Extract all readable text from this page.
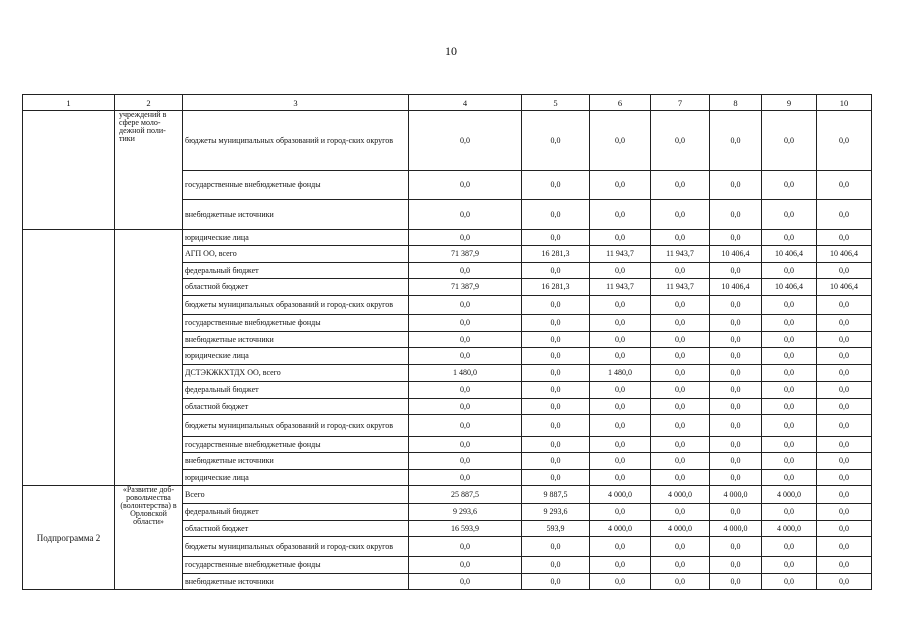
10
1	2	3	4	5	6	7	8	9	10
	учреждений в сфере моло-дежной поли-тики	бюджеты муниципальных образований и город-ских округов	0,0	0,0	0,0	0,0	0,0	0,0	0,0
		государственные внебюджетные фонды	0,0	0,0	0,0	0,0	0,0	0,0	0,0
		внебюджетные источники	0,0	0,0	0,0	0,0	0,0	0,0	0,0
		юридические лица	0,0	0,0	0,0	0,0	0,0	0,0	0,0
		АГП ОО, всего	71 387,9	16 281,3	11 943,7	11 943,7	10 406,4	10 406,4	10 406,4
		федеральный бюджет	0,0	0,0	0,0	0,0	0,0	0,0	0,0
		областной бюджет	71 387,9	16 281,3	11 943,7	11 943,7	10 406,4	10 406,4	10 406,4
		бюджеты муниципальных образований и город-ских округов	0,0	0,0	0,0	0,0	0,0	0,0	0,0
		государственные внебюджетные фонды	0,0	0,0	0,0	0,0	0,0	0,0	0,0
		внебюджетные источники	0,0	0,0	0,0	0,0	0,0	0,0	0,0
		юридические лица	0,0	0,0	0,0	0,0	0,0	0,0	0,0
		ДСТЭКЖКХТДХ ОО, всего	1 480,0	0,0	1 480,0	0,0	0,0	0,0	0,0
		федеральный бюджет	0,0	0,0	0,0	0,0	0,0	0,0	0,0
		областной бюджет	0,0	0,0	0,0	0,0	0,0	0,0	0,0
		бюджеты муниципальных образований и город-ских округов	0,0	0,0	0,0	0,0	0,0	0,0	0,0
		государственные внебюджетные фонды	0,0	0,0	0,0	0,0	0,0	0,0	0,0
		внебюджетные источники	0,0	0,0	0,0	0,0	0,0	0,0	0,0
		юридические лица	0,0	0,0	0,0	0,0	0,0	0,0	0,0
Подпрограмма 2	«Развитие доб-ровольчества (волонтерства) в Орловской области»	Всего	25 887,5	9 887,5	4 000,0	4 000,0	4 000,0	4 000,0	0,0
		федеральный бюджет	9 293,6	9 293,6	0,0	0,0	0,0	0,0	0,0
		областной бюджет	16 593,9	593,9	4 000,0	4 000,0	4 000,0	4 000,0	0,0
		бюджеты муниципальных образований и город-ских округов	0,0	0,0	0,0	0,0	0,0	0,0	0,0
		государственные внебюджетные фонды	0,0	0,0	0,0	0,0	0,0	0,0	0,0
		внебюджетные источники	0,0	0,0	0,0	0,0	0,0	0,0	0,0
